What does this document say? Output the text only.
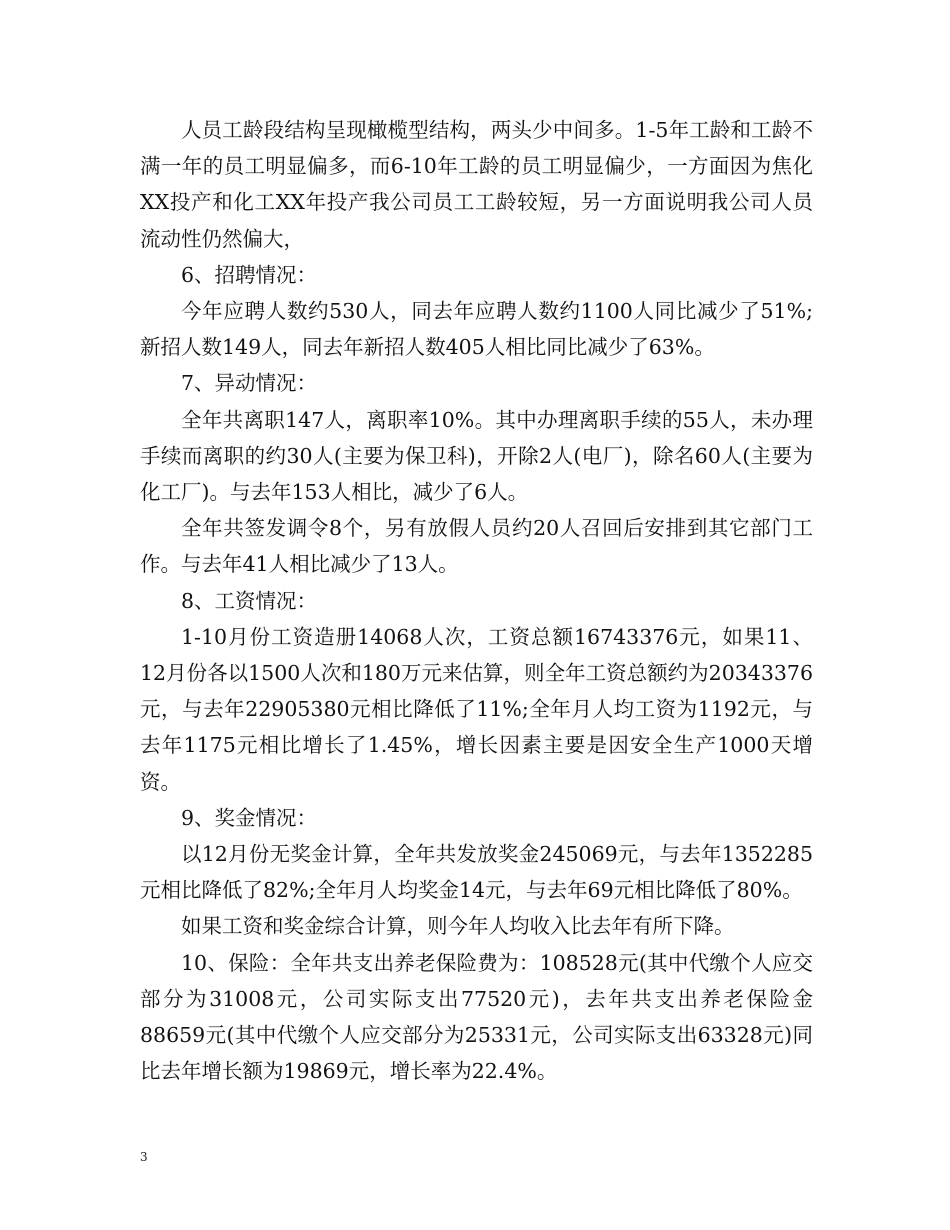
人员工龄段结构呈现橄榄型结构，两头少中间多。1-5年工龄和工龄不满一年的员工明显偏多，而6-10年工龄的员工明显偏少，一方面因为焦化XX投产和化工XX年投产我公司员工工龄较短，另一方面说明我公司人员流动性仍然偏大，

6、招聘情况：

今年应聘人数约530人，同去年应聘人数约1100人同比减少了51%;新招人数149人，同去年新招人数405人相比同比减少了63%。

7、异动情况：

全年共离职147人，离职率10%。其中办理离职手续的55人，未办理手续而离职的约30人(主要为保卫科)，开除2人(电厂)，除名60人(主要为化工厂)。与去年153人相比，减少了6人。

全年共签发调令8个，另有放假人员约20人召回后安排到其它部门工作。与去年41人相比减少了13人。

8、工资情况：

1-10月份工资造册14068人次，工资总额16743376元，如果11、12月份各以1500人次和180万元来估算，则全年工资总额约为20343376元，与去年22905380元相比降低了11%;全年月人均工资为1192元，与去年1175元相比增长了1.45%，增长因素主要是因安全生产1000天增资。

9、奖金情况：

以12月份无奖金计算，全年共发放奖金245069元，与去年1352285元相比降低了82%;全年月人均奖金14元，与去年69元相比降低了80%。

如果工资和奖金综合计算，则今年人均收入比去年有所下降。

10、保险：全年共支出养老保险费为：108528元(其中代缴个人应交部分为31008元，公司实际支出77520元)，去年共支出养老保险金88659元(其中代缴个人应交部分为25331元，公司实际支出63328元)同比去年增长额为19869元，增长率为22.4%。

3
